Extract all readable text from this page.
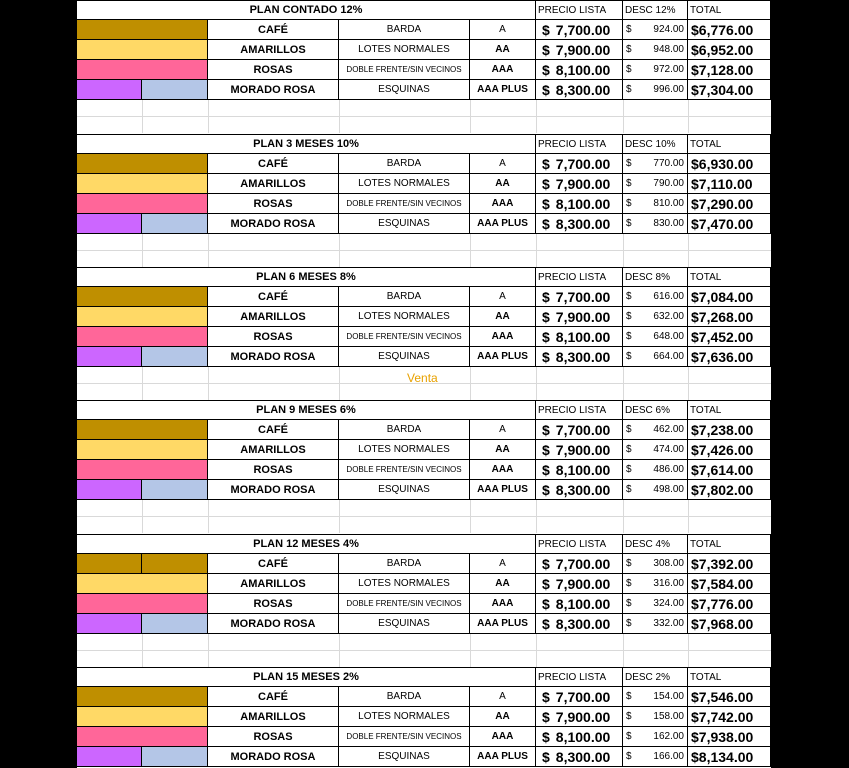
PLAN CONTADO 12%	PRECIO LISTA	DESC 12%	TOTAL
CAFÉ	BARDA	A	$ 7,700.00 $ 924.00 $6,776.00
AMARILLOS	LOTES NORMALES	AA	$ 7,900.00 $ 948.00 $6,952.00
ROSAS	DOBLE FRENTE/SIN VECINOS	AAA	$ 8,100.00 $ 972.00 $7,128.00
MORADO ROSA	ESQUINAS	AAA PLUS	$ 8,300.00 $ 996.00 $7,304.00
PLAN 3 MESES 10%	PRECIO LISTA	DESC 10%	TOTAL
CAFÉ	BARDA	A	$ 7,700.00 $ 770.00 $6,930.00
AMARILLOS	LOTES NORMALES	AA	$ 7,900.00 $ 790.00 $7,110.00
ROSAS	DOBLE FRENTE/SIN VECINOS	AAA	$ 8,100.00 $ 810.00 $7,290.00
MORADO ROSA	ESQUINAS	AAA PLUS	$ 8,300.00 $ 830.00 $7,470.00
PLAN 6 MESES 8%	PRECIO LISTA	DESC 8%	TOTAL
CAFÉ	BARDA	A	$ 7,700.00 $ 616.00 $7,084.00
AMARILLOS	LOTES NORMALES	AA	$ 7,900.00 $ 632.00 $7,268.00
ROSAS	DOBLE FRENTE/SIN VECINOS	AAA	$ 8,100.00 $ 648.00 $7,452.00
MORADO ROSA	ESQUINAS	AAA PLUS	$ 8,300.00 $ 664.00 $7,636.00
Venta
PLAN 9 MESES 6%	PRECIO LISTA	DESC 6%	TOTAL
CAFÉ	BARDA	A	$ 7,700.00 $ 462.00 $7,238.00
AMARILLOS	LOTES NORMALES	AA	$ 7,900.00 $ 474.00 $7,426.00
ROSAS	DOBLE FRENTE/SIN VECINOS	AAA	$ 8,100.00 $ 486.00 $7,614.00
MORADO ROSA	ESQUINAS	AAA PLUS	$ 8,300.00 $ 498.00 $7,802.00
PLAN 12 MESES 4%	PRECIO LISTA	DESC 4%	TOTAL
CAFÉ	BARDA	A	$ 7,700.00 $ 308.00 $7,392.00
AMARILLOS	LOTES NORMALES	AA	$ 7,900.00 $ 316.00 $7,584.00
ROSAS	DOBLE FRENTE/SIN VECINOS	AAA	$ 8,100.00 $ 324.00 $7,776.00
MORADO ROSA	ESQUINAS	AAA PLUS	$ 8,300.00 $ 332.00 $7,968.00
PLAN 15 MESES 2%	PRECIO LISTA	DESC 2%	TOTAL
CAFÉ	BARDA	A	$ 7,700.00 $ 154.00 $7,546.00
AMARILLOS	LOTES NORMALES	AA	$ 7,900.00 $ 158.00 $7,742.00
ROSAS	DOBLE FRENTE/SIN VECINOS	AAA	$ 8,100.00 $ 162.00 $7,938.00
MORADO ROSA	ESQUINAS	AAA PLUS	$ 8,300.00 $ 166.00 $8,134.00
